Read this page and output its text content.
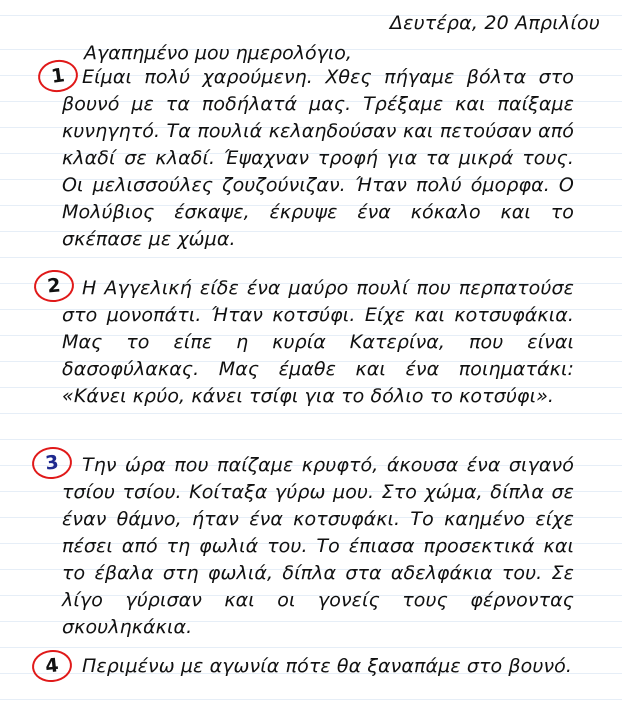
Δευτέρα, 20 Απριλίου
Αγαπημένο μου ημερολόγιο,
1 Είμαι πολύ χαρούμενη. Χθες πήγαμε βόλτα στο βουνό με τα ποδήλατά μας. Τρέξαμε και παίξαμε κυνηγητό. Τα πουλιά κελαηδούσαν και πετούσαν από κλαδί σε κλαδί. Έψαχναν τροφή για τα μικρά τους. Οι μελισσούλες ζουζούνιζαν. Ήταν πολύ όμορφα. Ο Μολύβιος έσκαψε, έκρυψε ένα κόκαλο και το σκέπασε με χώμα.
2	Η Αγγελική είδε ένα μαύρο πουλί που περπατούσε στο μονοπάτι. Ήταν κοτσύφι. Είχε και κοτσυφάκια. Μας το είπε η κυρία Κατερίνα, που είναι δασοφύλακας. Μας έμαθε και ένα ποιηματάκι: «Κάνει κρύο, κάνει τσίφι για το δόλιο το κοτσύφι».
3	Την ώρα που παίζαμε κρυφτό, άκουσα ένα σιγανό τσίου τσίου. Κοίταξα γύρω μου. Στο χώμα, δίπλα σε έναν θάμνο, ήταν ένα κοτσυφάκι. Το καημένο είχε πέσει από τη φωλιά του. Το έπιασα προσεκτικά και το έβαλα στη φωλιά, δίπλα στα αδελφάκια του. Σε λίγο γύρισαν και οι γονείς τους φέρνοντας σκουληκάκια.
4	Περιμένω με αγωνία πότε θα ξαναπάμε στο βουνό.
